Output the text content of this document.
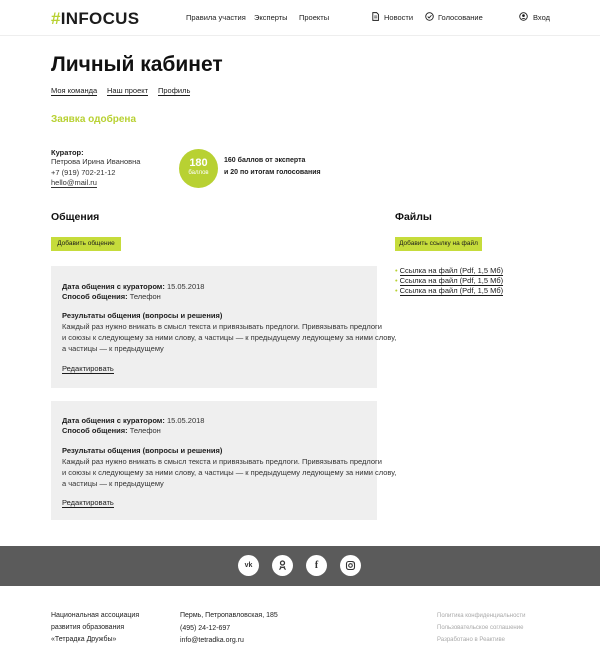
#INFOCUS	Правила участия Эксперты Проекты	Новости	Голосование	Вход
Личный кабинет
Моя команда Наш проект Профиль
Заявка одобрена
Куратор:
Петрова Ирина Ивановна
+7 (919) 702-21-12
hello@mail.ru
180
баллов
160 баллов от эксперта
и 20 по итогам голосования
Общения
Добавить общение
Дата общения с куратором: 15.05.2018
Способ общения: Телефон
Результаты общения (вопросы и решения)
Каждый раз нужно вникать в смысл текста и привязывать предлоги. Привязывать предлоги
и союзы к следующему за ними слову, а частицы — к предыдущему ледующему за ними слову,
а частицы — к предыдущему
Редактировать
Дата общения с куратором: 15.05.2018
Способ общения: Телефон
Результаты общения (вопросы и решения)
Каждый раз нужно вникать в смысл текста и привязывать предлоги. Привязывать предлоги
и союзы к следующему за ними слову, а частицы — к предыдущему ледующему за ними слову,
а частицы — к предыдущему
Редактировать
Файлы
Добавить ссылку на файл
• Ссылка на файл (Pdf, 1,5 Мб)
• Ссылка на файл (Pdf, 1,5 Мб)
• Ссылка на файл (Pdf, 1,5 Мб)
vk	f
Национальная ассоциация
развития образования
«Тетрадка Дружбы»
Пермь, Петропавловская, 185
(495) 24-12-697
info@tetradka.org.ru
Политика конфиденциальности
Пользовательское соглашение
Разработано в Реактиве
